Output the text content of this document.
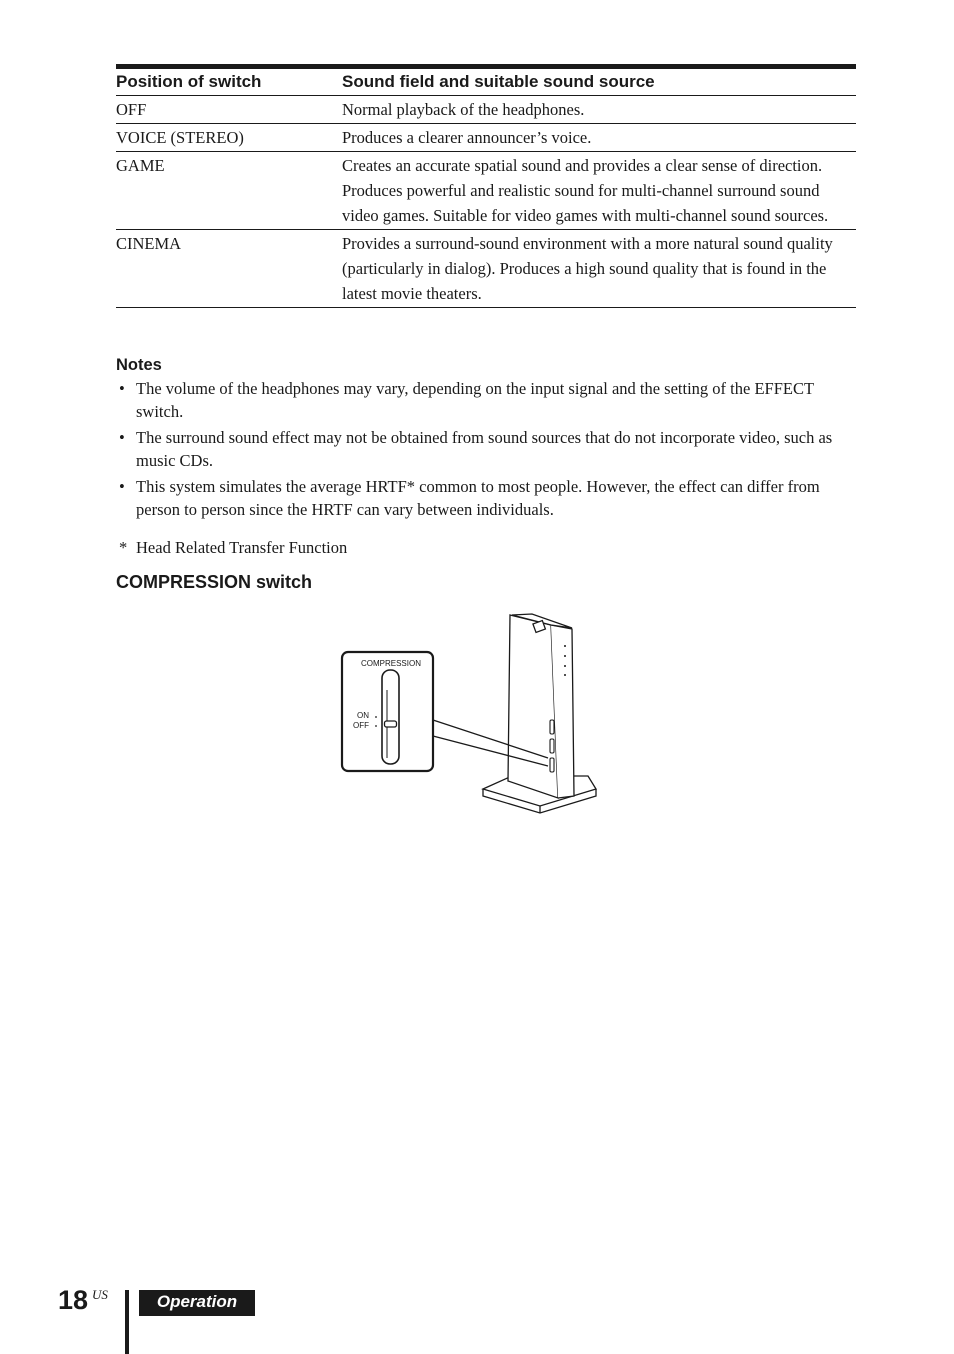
Position of switch	Sound field and suitable sound source
OFF	Normal playback of the headphones.
VOICE (STEREO)	Produces a clearer announcer’s voice.
GAME	Creates an accurate spatial sound and provides a clear sense of direction. Produces powerful and realistic sound for multi-channel surround sound video games. Suitable for video games with multi-channel sound sources.
CINEMA	Provides a surround-sound environment with a more natural sound quality (particularly in dialog). Produces a high sound quality that is found in the latest movie theaters.
Notes
• The volume of the headphones may vary, depending on the input signal and the setting of the EFFECT switch.
• The surround sound effect may not be obtained from sound sources that do not incorporate video, such as music CDs.
• This system simulates the average HRTF* common to most people. However, the effect can differ from person to person since the HRTF can vary between individuals.
* Head Related Transfer Function
COMPRESSION switch
COMPRESSION
ON
OFF
18 US	Operation
